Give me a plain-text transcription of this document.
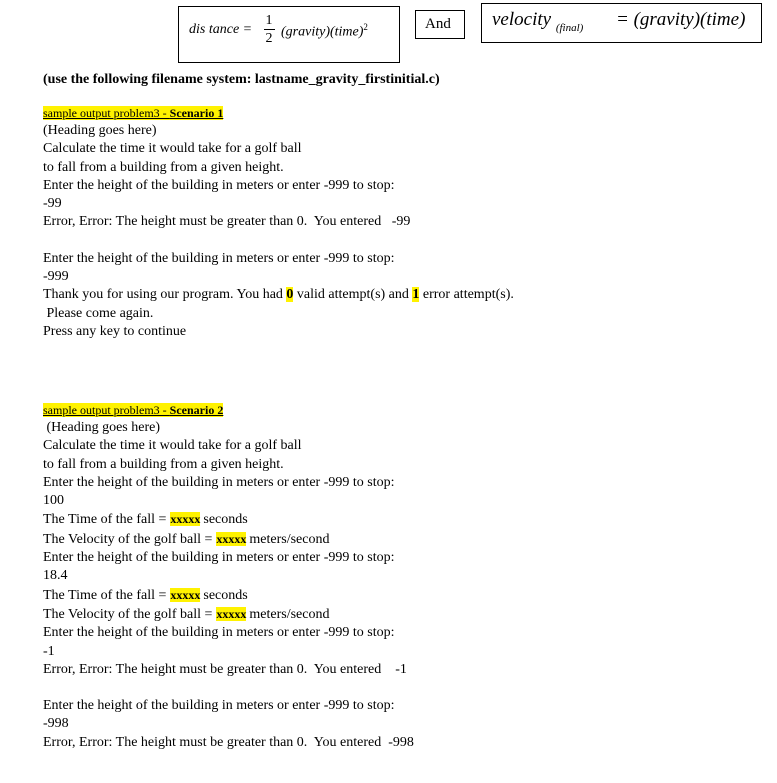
dis tance =
1
2 (gravity)(time)$^2$	And velocity $_{(final)}$ = (gravity)(time)
(use the following filename system: lastname_gravity_firstinitial.c)
sample output problem3 - Scenario 1
(Heading goes here)
Calculate the time it would take for a golf ball
to fall from a building from a given height.
Enter the height of the building in meters or enter -999 to stop:
-99
Error, Error: The height must be greater than 0.  You entered   -99
Enter the height of the building in meters or enter -999 to stop:
-999
Thank you for using our program. You had 0 valid attempt(s) and 1 error attempt(s).
Please come again.
Press any key to continue
sample output problem3 - Scenario 2
(Heading goes here)
Calculate the time it would take for a golf ball
to fall from a building from a given height.
Enter the height of the building in meters or enter -999 to stop:
100
The Time of the fall = xxxxx seconds
The Velocity of the golf ball = xxxxx meters/second
Enter the height of the building in meters or enter -999 to stop:
18.4
The Time of the fall = xxxxx seconds
The Velocity of the golf ball = xxxxx meters/second
Enter the height of the building in meters or enter -999 to stop:
-1
Error, Error: The height must be greater than 0.  You entered    -1
Enter the height of the building in meters or enter -999 to stop:
-998
Error, Error: The height must be greater than 0.  You entered  -998
